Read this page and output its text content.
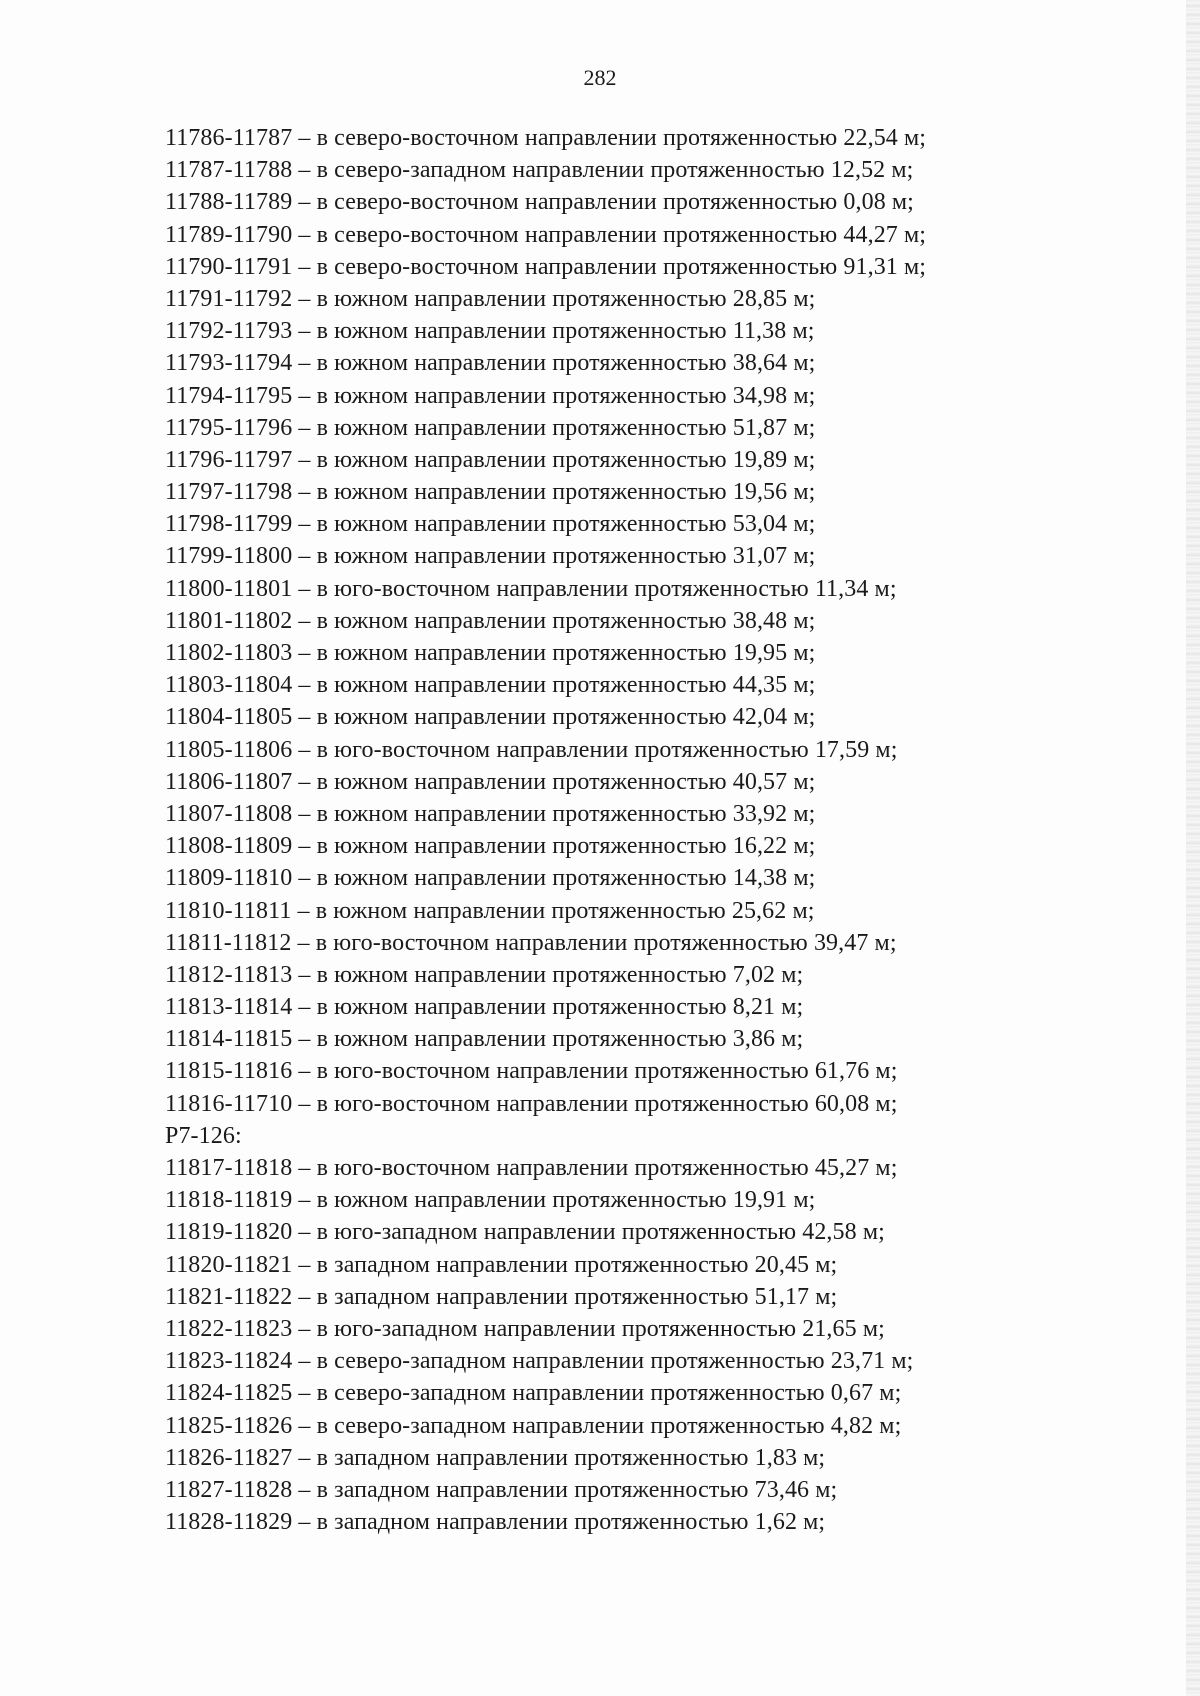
282
11786-11787 – в северо-восточном направлении протяженностью 22,54 м;
11787-11788 – в северо-западном направлении протяженностью 12,52 м;
11788-11789 – в северо-восточном направлении протяженностью 0,08 м;
11789-11790 – в северо-восточном направлении протяженностью 44,27 м;
11790-11791 – в северо-восточном направлении протяженностью 91,31 м;
11791-11792 – в южном направлении протяженностью 28,85 м;
11792-11793 – в южном направлении протяженностью 11,38 м;
11793-11794 – в южном направлении протяженностью 38,64 м;
11794-11795 – в южном направлении протяженностью 34,98 м;
11795-11796 – в южном направлении протяженностью 51,87 м;
11796-11797 – в южном направлении протяженностью 19,89 м;
11797-11798 – в южном направлении протяженностью 19,56 м;
11798-11799 – в южном направлении протяженностью 53,04 м;
11799-11800 – в южном направлении протяженностью 31,07 м;
11800-11801 – в юго-восточном направлении протяженностью 11,34 м;
11801-11802 – в южном направлении протяженностью 38,48 м;
11802-11803 – в южном направлении протяженностью 19,95 м;
11803-11804 – в южном направлении протяженностью 44,35 м;
11804-11805 – в южном направлении протяженностью 42,04 м;
11805-11806 – в юго-восточном направлении протяженностью 17,59 м;
11806-11807 – в южном направлении протяженностью 40,57 м;
11807-11808 – в южном направлении протяженностью 33,92 м;
11808-11809 – в южном направлении протяженностью 16,22 м;
11809-11810 – в южном направлении протяженностью 14,38 м;
11810-11811 – в южном направлении протяженностью 25,62 м;
11811-11812 – в юго-восточном направлении протяженностью 39,47 м;
11812-11813 – в южном направлении протяженностью 7,02 м;
11813-11814 – в южном направлении протяженностью 8,21 м;
11814-11815 – в южном направлении протяженностью 3,86 м;
11815-11816 – в юго-восточном направлении протяженностью 61,76 м;
11816-11710 – в юго-восточном направлении протяженностью 60,08 м;
Р7-126:
11817-11818 – в юго-восточном направлении протяженностью 45,27 м;
11818-11819 – в южном направлении протяженностью 19,91 м;
11819-11820 – в юго-западном направлении протяженностью 42,58 м;
11820-11821 – в западном направлении протяженностью 20,45 м;
11821-11822 – в западном направлении протяженностью 51,17 м;
11822-11823 – в юго-западном направлении протяженностью 21,65 м;
11823-11824 – в северо-западном направлении протяженностью 23,71 м;
11824-11825 – в северо-западном направлении протяженностью 0,67 м;
11825-11826 – в северо-западном направлении протяженностью 4,82 м;
11826-11827 – в западном направлении протяженностью 1,83 м;
11827-11828 – в западном направлении протяженностью 73,46 м;
11828-11829 – в западном направлении протяженностью 1,62 м;
